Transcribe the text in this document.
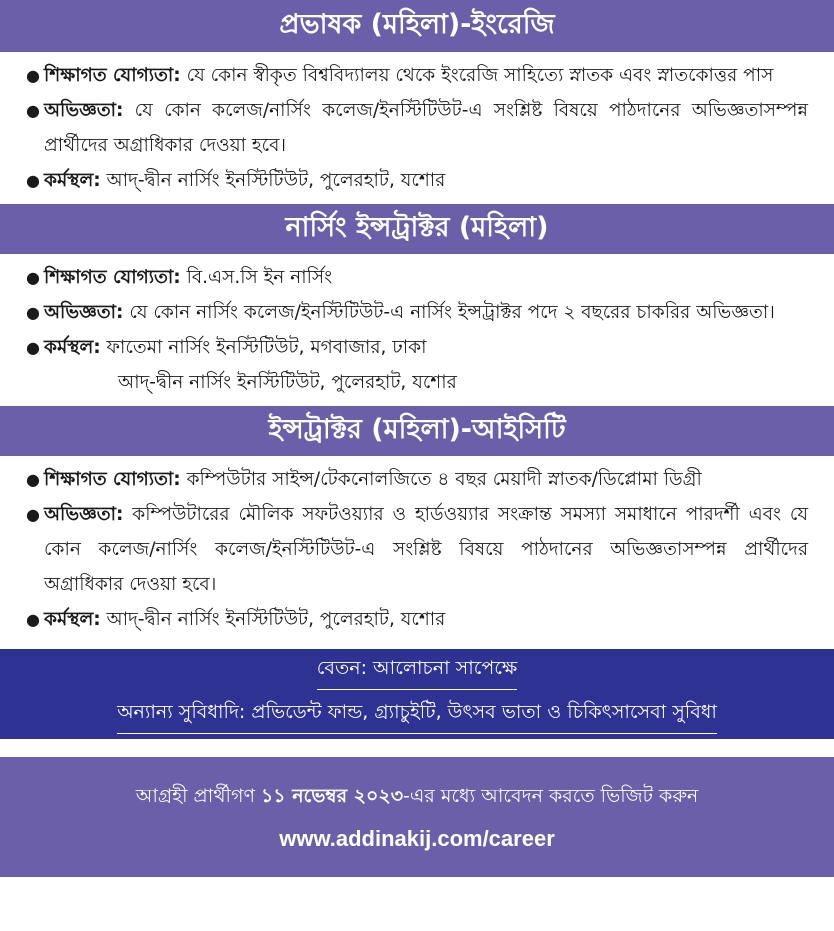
প্রভাষক (মহিলা)-ইংরেজি
● শিক্ষাগত যোগ্যতা: যে কোন স্বীকৃত বিশ্ববিদ্যালয় থেকে ইংরেজি সাহিত্যে স্নাতক এবং স্নাতকোত্তর পাস
● অভিজ্ঞতা: যে কোন কলেজ/নার্সিং কলেজ/ইনস্টিটিউট-এ সংশ্লিষ্ট বিষয়ে পাঠদানের অভিজ্ঞতাসম্পন্ন প্রার্থীদের অগ্রাধিকার দেওয়া হবে।
● কর্মস্থল: আদ্-দ্বীন নার্সিং ইনস্টিটিউট, পুলেরহাট, যশোর
নার্সিং ইন্সট্রাক্টর (মহিলা)
● শিক্ষাগত যোগ্যতা: বি.এস.সি ইন নার্সিং
● অভিজ্ঞতা: যে কোন নার্সিং কলেজ/ইনস্টিটিউট-এ নার্সিং ইন্সট্রাক্টর পদে ২ বছরের চাকরির অভিজ্ঞতা।
● কর্মস্থল: ফাতেমা নার্সিং ইনস্টিটিউট, মগবাজার, ঢাকা
আদ্-দ্বীন নার্সিং ইনস্টিটিউট, পুলেরহাট, যশোর
ইন্সট্রাক্টর (মহিলা)-আইসিটি
● শিক্ষাগত যোগ্যতা: কম্পিউটার সাইন্স/টেকনোলজিতে ৪ বছর মেয়াদী স্নাতক/ডিপ্লোমা ডিগ্রী
● অভিজ্ঞতা: কম্পিউটারের মৌলিক সফটওয়্যার ও হার্ডওয়্যার সংক্রান্ত সমস্যা সমাধানে পারদর্শী এবং যে কোন কলেজ/নার্সিং কলেজ/ইনস্টিটিউট-এ সংশ্লিষ্ট বিষয়ে পাঠদানের অভিজ্ঞতাসম্পন্ন প্রার্থীদের অগ্রাধিকার দেওয়া হবে।
● কর্মস্থল: আদ্-দ্বীন নার্সিং ইনস্টিটিউট, পুলেরহাট, যশোর
বেতন: আলোচনা সাপেক্ষে
অন্যান্য সুবিধাদি: প্রভিডেন্ট ফান্ড, গ্র্যাচুইটি, উৎসব ভাতা ও চিকিৎসাসেবা সুবিধা
আগ্রহী প্রার্থীগণ ১১ নভেম্বর ২০২৩-এর মধ্যে আবেদন করতে ভিজিট করুন
www.addinakij.com/career
